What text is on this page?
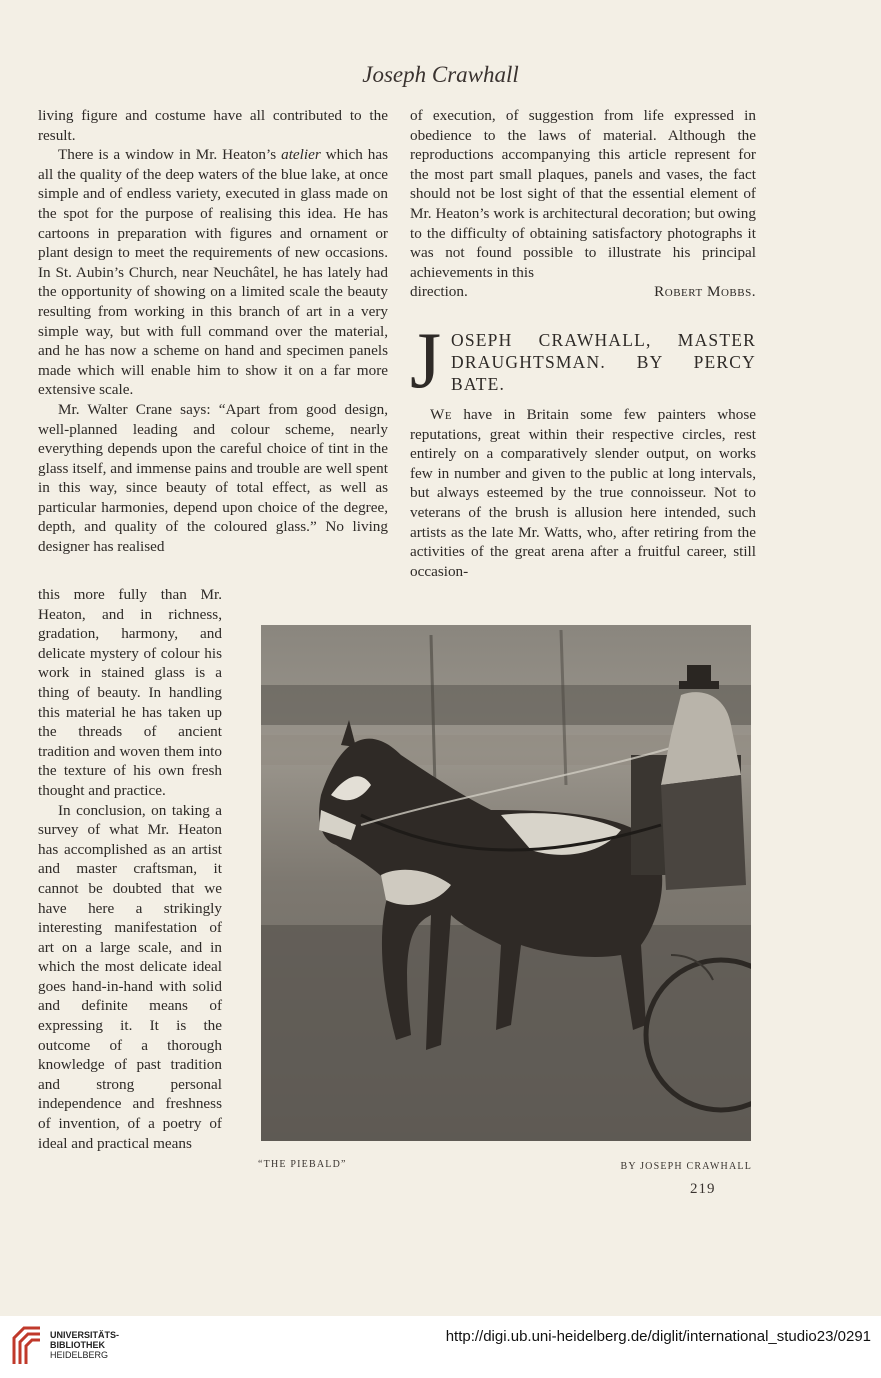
Joseph Crawhall

living figure and costume have all contributed to the result.

There is a window in Mr. Heaton’s atelier which has all the quality of the deep waters of the blue lake, at once simple and of endless variety, executed in glass made on the spot for the purpose of realising this idea. He has cartoons in preparation with figures and ornament or plant design to meet the requirements of new occasions. In St. Aubin’s Church, near Neuchâtel, he has lately had the opportunity of showing on a limited scale the beauty resulting from working in this branch of art in a very simple way, but with full command over the material, and he has now a scheme on hand and specimen panels made which will enable him to show it on a far more extensive scale.

Mr. Walter Crane says: “Apart from good design, well-planned leading and colour scheme, nearly everything depends upon the careful choice of tint in the glass itself, and immense pains and trouble are well spent in this way, since beauty of total effect, as well as particular harmonies, depend upon choice of the degree, depth, and quality of the coloured glass.” No living designer has realised

this more fully than Mr. Heaton, and in richness, gradation, harmony, and delicate mystery of colour his work in stained glass is a thing of beauty. In handling this material he has taken up the threads of ancient tradition and woven them into the texture of his own fresh thought and practice.

In conclusion, on taking a survey of what Mr. Heaton has accomplished as an artist and master craftsman, it cannot be doubted that we have here a strikingly interesting manifestation of art on a large scale, and in which the most delicate ideal goes hand-in-hand with solid and definite means of expressing it. It is the outcome of a thorough knowledge of past tradition and strong personal independence and freshness of invention, of a poetry of ideal and practical means

of execution, of suggestion from life expressed in obedience to the laws of material. Although the reproductions accompanying this article represent for the most part small plaques, panels and vases, the fact should not be lost sight of that the essential element of Mr. Heaton’s work is architectural decoration; but owing to the difficulty of obtaining satisfactory photographs it was not found possible to illustrate his principal achievements in this

direction.	Robert Mobbs.
J OSEPH CRAWHALL, MASTER DRAUGHTSMAN. BY PERCY BATE.

We have in Britain some few painters whose reputations, great within their respective circles, rest entirely on a comparatively slender output, on works few in number and given to the public at long intervals, but always esteemed by the true connoisseur. Not to veterans of the brush is allusion here intended, such artists as the late Mr. Watts, who, after retiring from the activities of the great arena after a fruitful career, still occasion-

“THE PIEBALD”	BY JOSEPH CRAWHALL
219
UNIVERSITÄTS-
BIBLIOTHEK
HEIDELBERG
http://digi.ub.uni-heidelberg.de/diglit/international_studio23/0291
